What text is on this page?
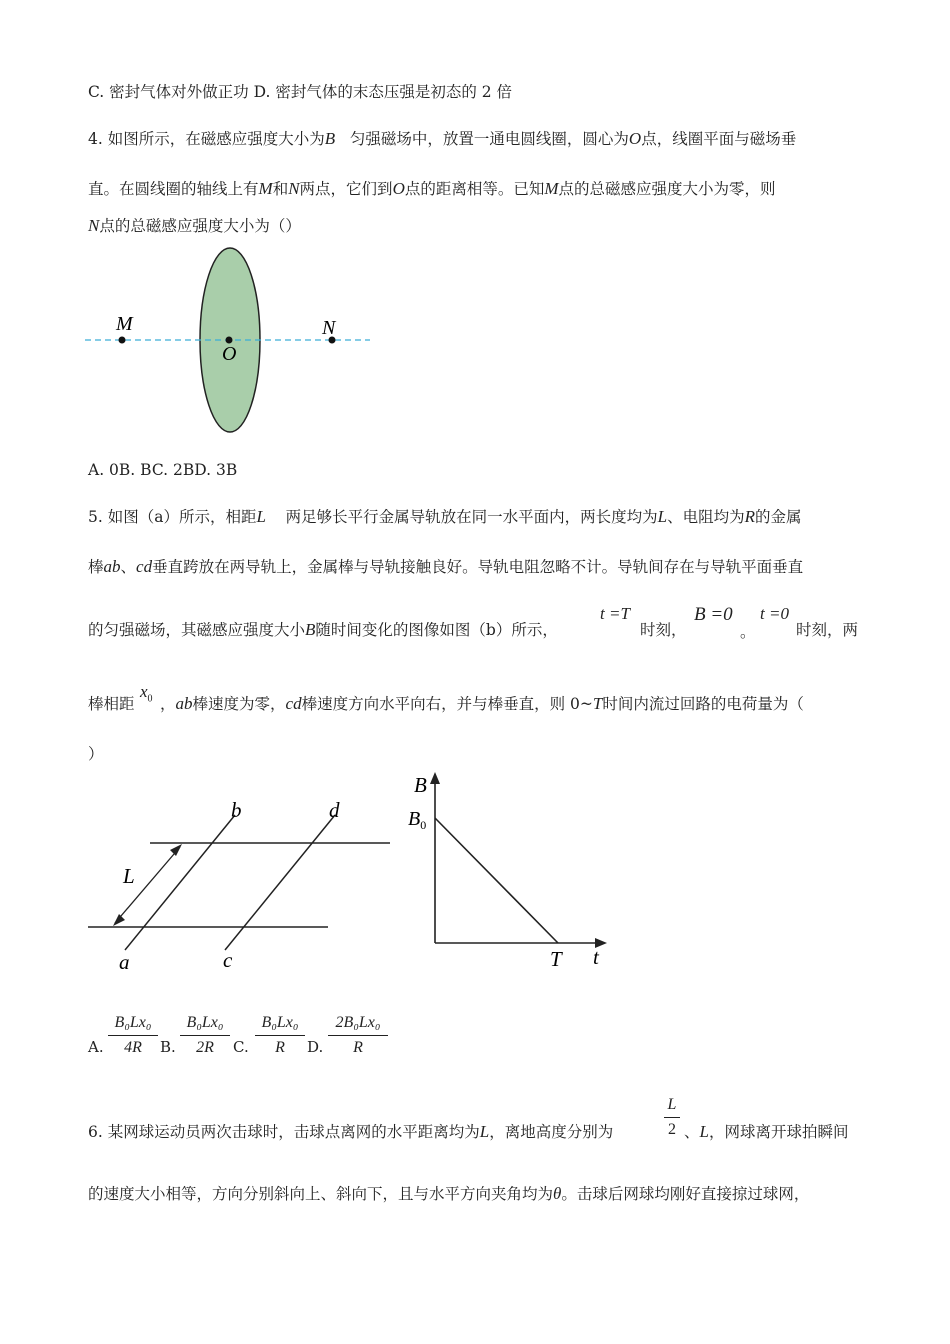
C. 密封气体对外做正功 D. 密封气体的末态压强是初态的 2 倍
4. 如图所示，在磁感应强度大小为B 匀强磁场中，放置一通电圆线圈，圆心为O点，线圈平面与磁场垂
直。在圆线圈的轴线上有M和N两点，它们到O点的距离相等。已知M点的总磁感应强度大小为零，则
N点的总磁感应强度大小为（）
M
O
N
A. 0B. BC. 2BD. 3B
5. 如图（a）所示，相距L 两足够长平行金属导轨放在同一水平面内，两长度均为L、电阻均为R的金属
棒ab、cd垂直跨放在两导轨上，金属棒与导轨接触良好。导轨电阻忽略不计。导轨间存在与导轨平面垂直
的匀强磁场，其磁感应强度大小B随时间变化的图像如图（b）所示，
t =T
时刻，
B =0
。
t =0
时刻，两
棒相距
$x_0$ ，ab棒速度为零，cd棒速度方向水平向右，并与棒垂直，则 0~T时间内流过回路的电荷量为（
）
b	d
L
a	c
B
$B_0$
T t
A.
B₀Lx₀
4R	B.
B₀Lx₀
2R	C.
B₀Lx₀
R	D.
2B₀Lx₀
R
6. 某网球运动员两次击球时，击球点离网的水平距离均为L，离地高度分别为
L
2 、L，网球离开球拍瞬间
的速度大小相等，方向分别斜向上、斜向下，且与水平方向夹角均为θ。击球后网球均刚好直接掠过球网，
